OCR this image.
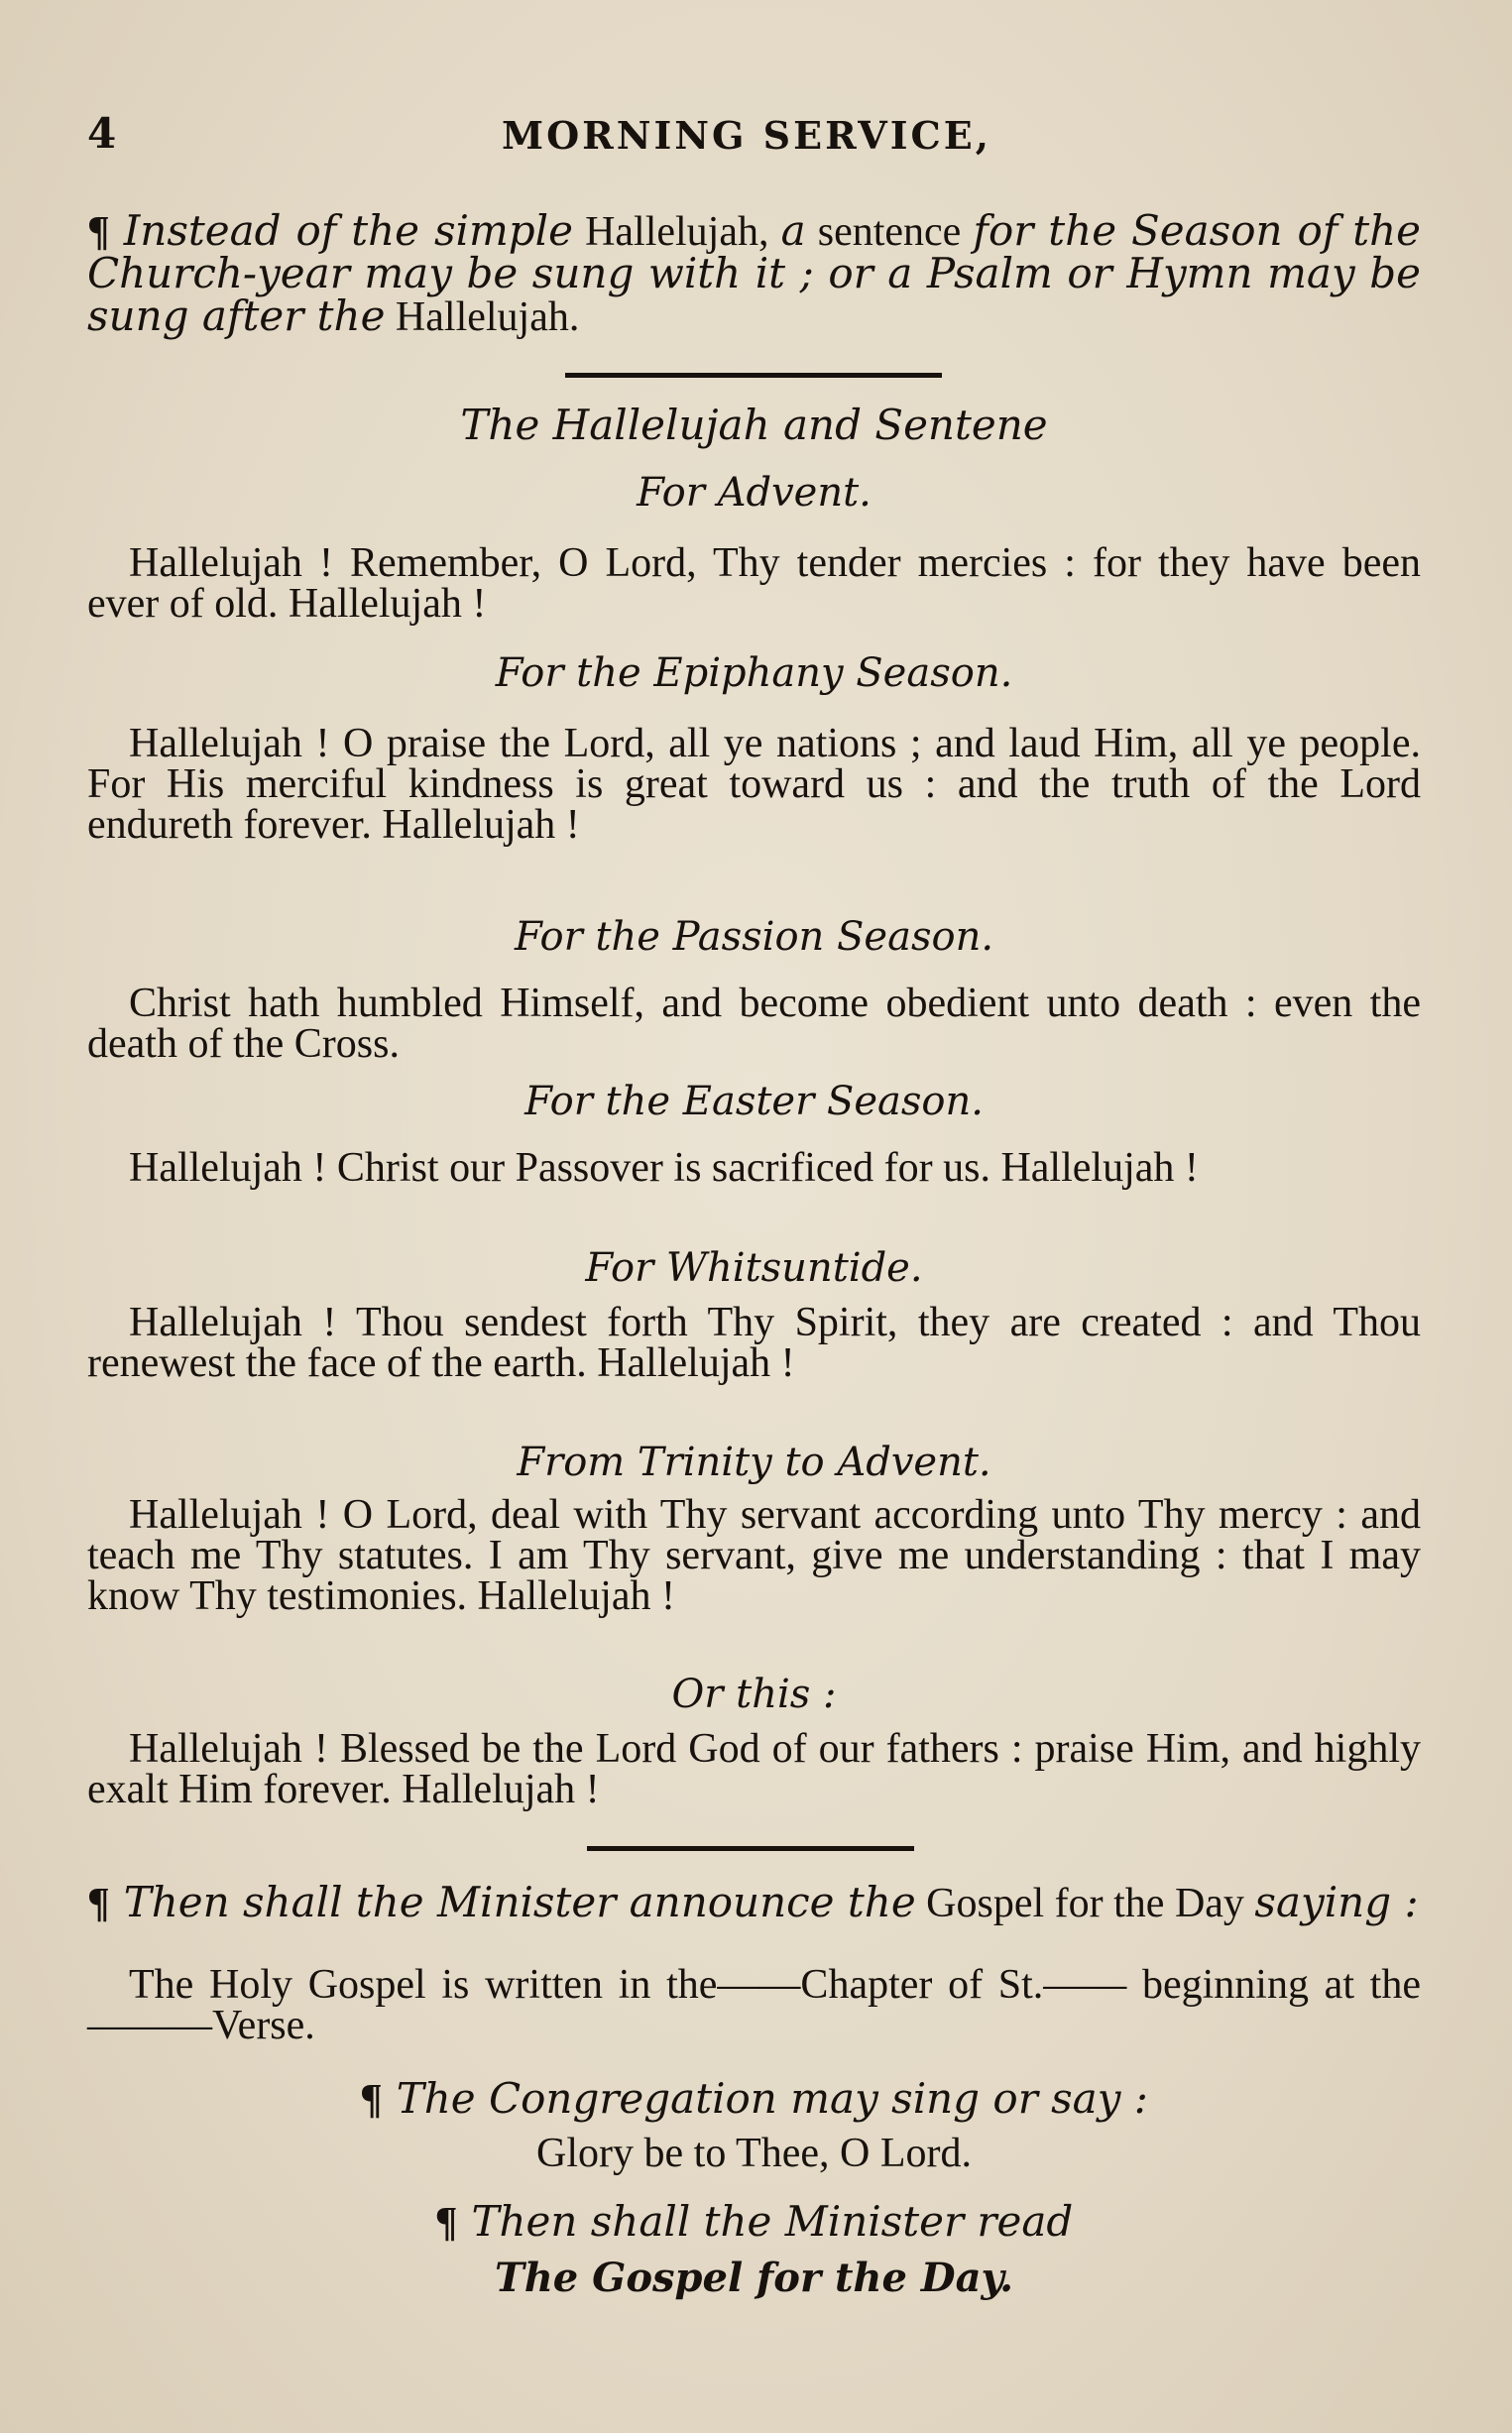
4	MORNING SERVICE,
¶ Instead of the simple Hallelujah, a sentence for the Season of the Church-year may be sung with it ; or a Psalm or Hymn may be sung after the Hallelujah.
The Hallelujah and Sentene
For Advent.
Hallelujah ! Remember, O Lord, Thy tender mercies : for they have been ever of old. Hallelujah !
For the Epiphany Season.
Hallelujah ! O praise the Lord, all ye nations ; and laud Him, all ye people. For His merciful kindness is great toward us : and the truth of the Lord endureth forever. Hallelujah !
For the Passion Season.
Christ hath humbled Himself, and become obedient unto death : even the death of the Cross.
For the Easter Season.
Hallelujah ! Christ our Passover is sacrificed for us. Hallelujah !
For Whitsuntide.
Hallelujah ! Thou sendest forth Thy Spirit, they are created : and Thou renewest the face of the earth. Hallelujah !
From Trinity to Advent.
Hallelujah ! O Lord, deal with Thy servant according unto Thy mercy : and teach me Thy statutes. I am Thy servant, give me understanding : that I may know Thy testimonies. Hallelujah !
Or this :
Hallelujah ! Blessed be the Lord God of our fathers : praise Him, and highly exalt Him forever. Hallelujah !
¶ Then shall the Minister announce the Gospel for the Day saying :
The Holy Gospel is written in the——Chapter of St.—— beginning at the———Verse.
¶ The Congregation may sing or say :
Glory be to Thee, O Lord.
¶ Then shall the Minister read
The Gospel for the Day.
